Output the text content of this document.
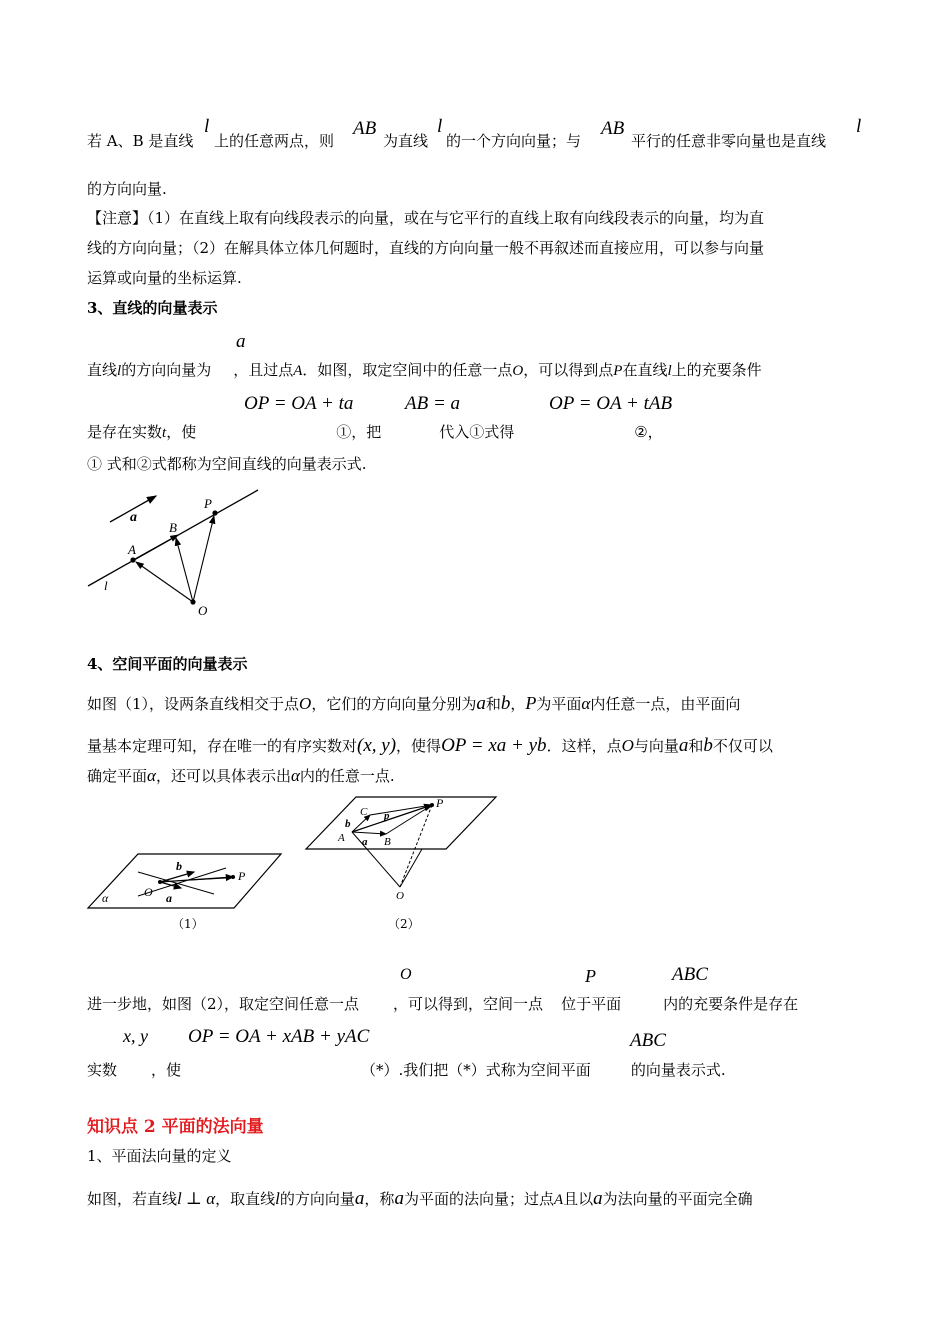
若 A、B 是直线
l
上的任意两点，则
AB
为直线
l
的一个方向向量；与
AB
平行的任意非零向量也是直线
l
的方向向量.
【注意】（1）在直线上取有向线段表示的向量，或在与它平行的直线上取有向线段表示的向量，均为直
线的方向向量；（2）在解具体立体几何题时，直线的方向向量一般不再叙述而直接应用，可以参与向量
运算或向量的坐标运算.
3、直线的向量表示
a
直线l的方向向量为 ，且过点A．如图，取定空间中的任意一点O，可以得到点P在直线l上的充要条件
OP = OA + ta	AB = a	OP = OA + tAB
是存在实数t，使	①，把	代入①式得	②，
① 式和②式都称为空间直线的向量表示式.
a
B
P
A
l
O
4、空间平面的向量表示
如图（1），设两条直线相交于点O，它们的方向向量分别为a和b，P为平面α内任意一点，由平面向
量基本定理可知，存在唯一的有序实数对(x, y)，使得OP = xa + yb．这样，点O与向量a和b不仅可以
确定平面α，还可以具体表示出α内的任意一点.
b
P
α	O a
（1）
C
P
b
p
A a B
O
（2）
O	P	ABC
进一步地，如图（2），取定空间任意一点 ，可以得到，空间一点 位于平面	内的充要条件是存在
x, y OP = OA + xAB + yAC	ABC
实数 ，使	（*）.我们把（*）式称为空间平面	的向量表示式.
知识点 2 平面的法向量
1、平面法向量的定义
如图，若直线l ⊥ α，取直线l的方向向量a，称a为平面的法向量；过点A且以a为法向量的平面完全确
